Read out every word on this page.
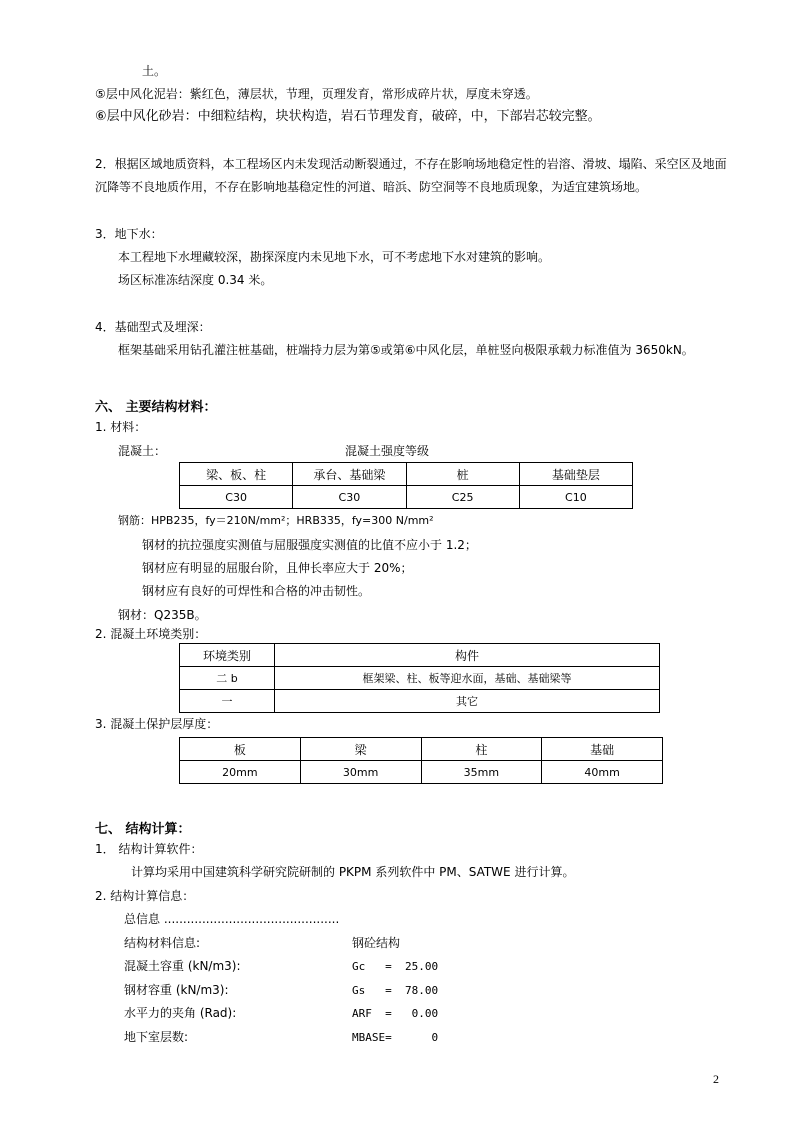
土。
⑤层中风化泥岩：紫红色，薄层状，节理，页理发育，常形成碎片状，厚度未穿透。
⑥层中风化砂岩：中细粒结构，块状构造，岩石节理发育，破碎，中，下部岩芯较完整。
2．根据区域地质资料，本工程场区内未发现活动断裂通过，不存在影响场地稳定性的岩溶、滑坡、塌陷、采空区及地面
沉降等不良地质作用，不存在影响地基稳定性的河道、暗浜、防空洞等不良地质现象，为适宜建筑场地。
3．地下水：
本工程地下水埋藏较深，勘探深度内未见地下水，可不考虑地下水对建筑的影响。
场区标准冻结深度 0.34 米。
4．基础型式及埋深：
框架基础采用钻孔灌注桩基础，桩端持力层为第⑤或第⑥中风化层，单桩竖向极限承载力标准值为 3650kN。
六、 主要结构材料：
1. 材料：
混凝土：	混凝土强度等级
梁、板、柱	承台、基础梁	桩	基础垫层
C30	C30	C25	C10
钢筋：HPB235，fy＝210N/mm²；HRB335，fy=300 N/mm²
钢材的抗拉强度实测值与屈服强度实测值的比值不应小于 1.2；
钢材应有明显的屈服台阶，且伸长率应大于 20%；
钢材应有良好的可焊性和合格的冲击韧性。
钢材：Q235B。
2. 混凝土环境类别：
环境类别	构件
二 b	框架梁、柱、板等迎水面，基础、基础梁等
一	其它
3. 混凝土保护层厚度：
板	梁	柱	基础
20mm	30mm	35mm	40mm
七、 结构计算：
1． 结构计算软件：
计算均采用中国建筑科学研究院研制的 PKPM 系列软件中 PM、SATWE 进行计算。
2. 结构计算信息：
总信息 ..............................................
结构材料信息:	钢砼结构
混凝土容重 (kN/m3):	Gc   =  25.00
钢材容重 (kN/m3):	Gs   =  78.00
水平力的夹角 (Rad):	ARF  =   0.00
地下室层数:	MBASE=      0
2
